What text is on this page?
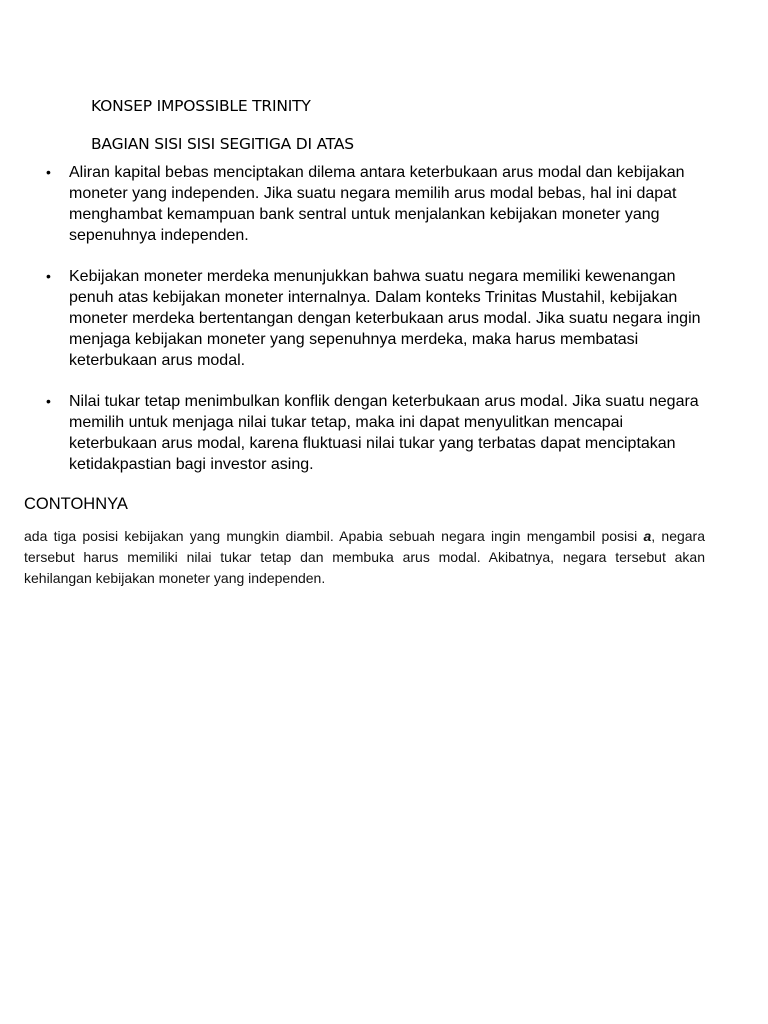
KONSEP IMPOSSIBLE TRINITY
BAGIAN SISI SISI SEGITIGA DI ATAS
• Aliran kapital bebas menciptakan dilema antara keterbukaan arus modal dan kebijakan moneter yang independen. Jika suatu negara memilih arus modal bebas, hal ini dapat menghambat kemampuan bank sentral untuk menjalankan kebijakan moneter yang sepenuhnya independen.
• Kebijakan moneter merdeka menunjukkan bahwa suatu negara memiliki kewenangan penuh atas kebijakan moneter internalnya. Dalam konteks Trinitas Mustahil, kebijakan moneter merdeka bertentangan dengan keterbukaan arus modal. Jika suatu negara ingin menjaga kebijakan moneter yang sepenuhnya merdeka, maka harus membatasi keterbukaan arus modal.
• Nilai tukar tetap menimbulkan konflik dengan keterbukaan arus modal. Jika suatu negara memilih untuk menjaga nilai tukar tetap, maka ini dapat menyulitkan mencapai keterbukaan arus modal, karena fluktuasi nilai tukar yang terbatas dapat menciptakan ketidakpastian bagi investor asing.
CONTOHNYA

ada tiga posisi kebijakan yang mungkin diambil. Apabia sebuah negara ingin mengambil posisi a, negara tersebut harus memiliki nilai tukar tetap dan membuka arus modal. Akibatnya, negara tersebut akan kehilangan kebijakan moneter yang independen.
